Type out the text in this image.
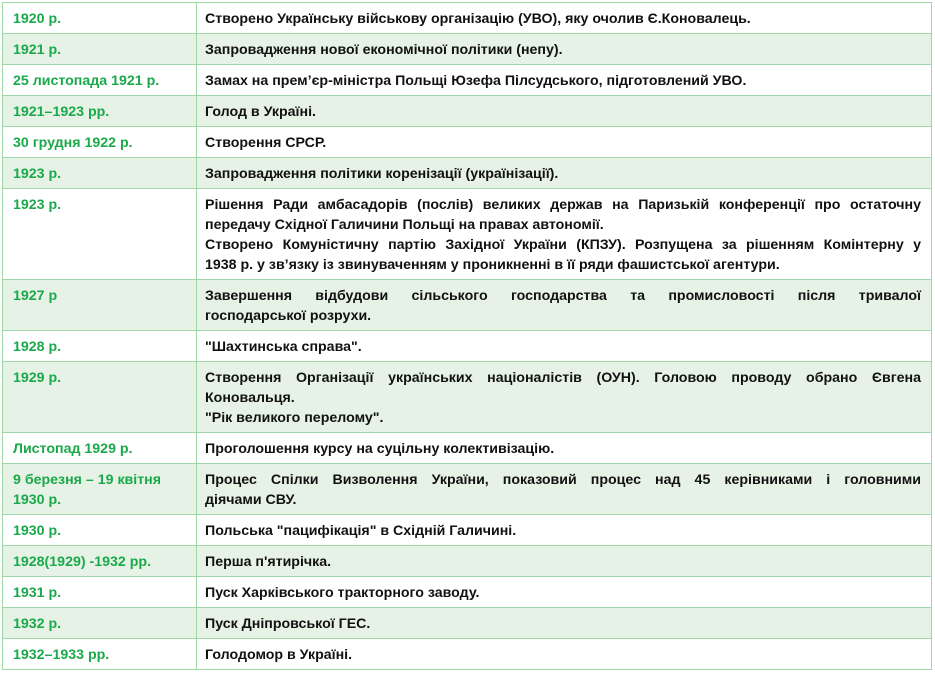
1920 р.	Створено Українську військову організацію (УВО), яку очолив Є.Коновалець.

1921 р.	Запровадження нової економічної політики (непу).

25 листопада 1921 р.	Замах на прем’єр-міністра Польщі Юзефа Пілсудського, підготовлений УВО.

1921–1923 рр.	Голод в Україні.

30 грудня 1922 р.	Створення СРСР.

1923 р.	Запровадження політики коренізації (українізації).

1923 р.	Рішення Ради амбасадорів (послів) великих держав на Паризькій конференції про остаточну
передачу Східної Галичини Польщі на правах автономії.
Створено Комуністичну партію Західної України (КПЗУ). Розпущена за рішенням Комінтерну у
1938 р. у зв’язку із звинуваченням у проникненні в її ряди фашистської агентури.

1927 р	Завершення відбудови сільського господарства та промисловості після тривалої
господарської розрухи.

1928 р.	"Шахтинська справа".

1929 р.	Створення Організації українських націоналістів (ОУН). Головою проводу обрано Євгена
Коновальця.
"Рік великого перелому".

Листопад 1929 р.	Проголошення курсу на суцільну колективізацію.

9 березня – 19 квітня 1930 р.	Процес Спілки Визволення України, показовий процес над 45 керівниками і головними
діячами СВУ.

1930 р.	Польська "пацифікація" в Східній Галичині.

1928(1929) -1932 рр.	Перша п'ятирічка.

1931 р.	Пуск Харківського тракторного заводу.

1932 р.	Пуск Дніпровської ГЕС.

1932–1933 рр.	Голодомор в Україні.
